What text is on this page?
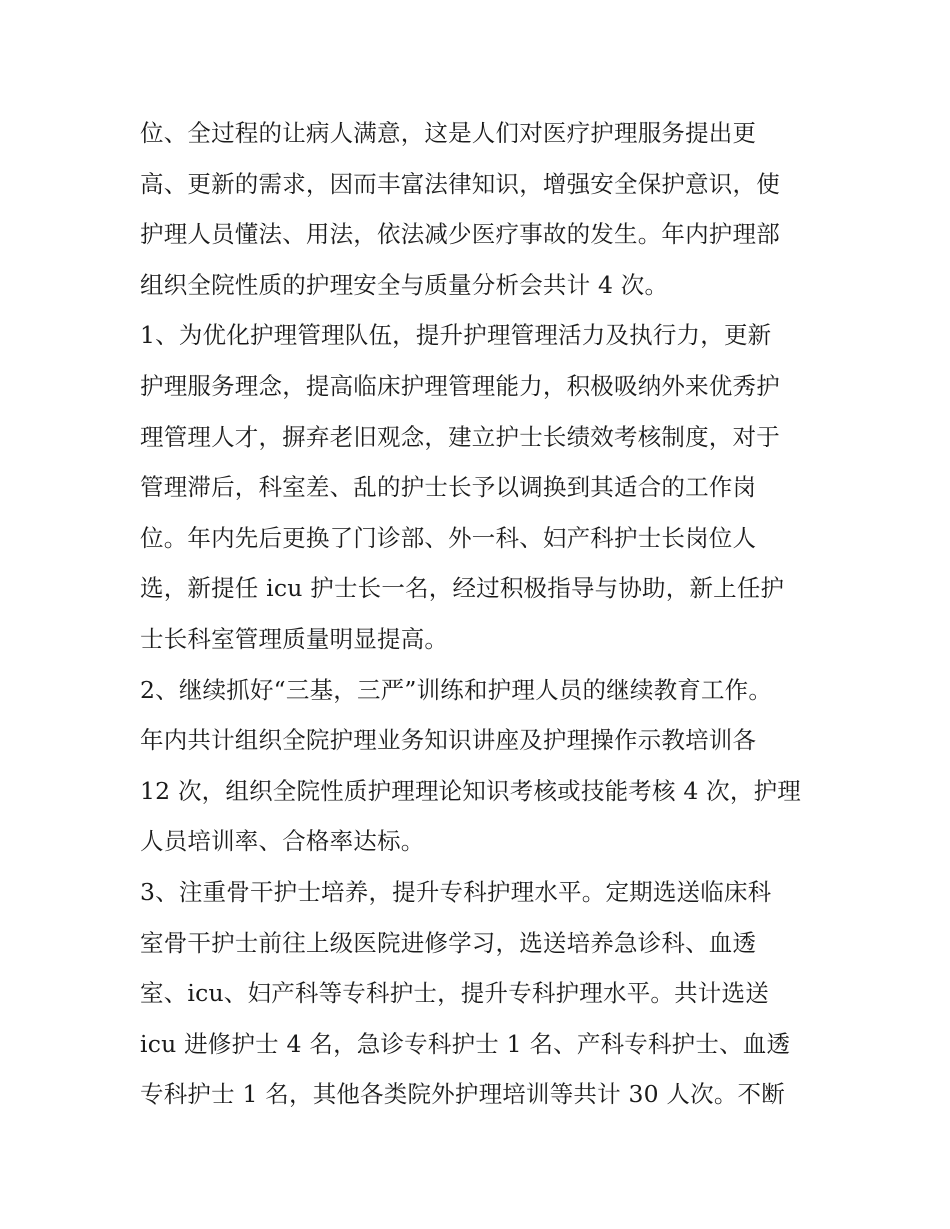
位、全过程的让病人满意，这是人们对医疗护理服务提出更
高、更新的需求，因而丰富法律知识，增强安全保护意识，使
护理人员懂法、用法，依法减少医疗事故的发生。年内护理部
组织全院性质的护理安全与质量分析会共计 4 次。
1、为优化护理管理队伍，提升护理管理活力及执行力，更新
护理服务理念，提高临床护理管理能力，积极吸纳外来优秀护
理管理人才，摒弃老旧观念，建立护士长绩效考核制度，对于
管理滞后，科室差、乱的护士长予以调换到其适合的工作岗
位。年内先后更换了门诊部、外一科、妇产科护士长岗位人
选，新提任 icu 护士长一名，经过积极指导与协助，新上任护
士长科室管理质量明显提高。
2、继续抓好“三基，三严”训练和护理人员的继续教育工作。
年内共计组织全院护理业务知识讲座及护理操作示教培训各
12 次，组织全院性质护理理论知识考核或技能考核 4 次，护理
人员培训率、合格率达标。
3、注重骨干护士培养，提升专科护理水平。定期选送临床科
室骨干护士前往上级医院进修学习，选送培养急诊科、血透
室、icu、妇产科等专科护士，提升专科护理水平。共计选送
icu 进修护士 4 名，急诊专科护士 1 名、产科专科护士、血透
专科护士 1 名，其他各类院外护理培训等共计 30 人次。不断
